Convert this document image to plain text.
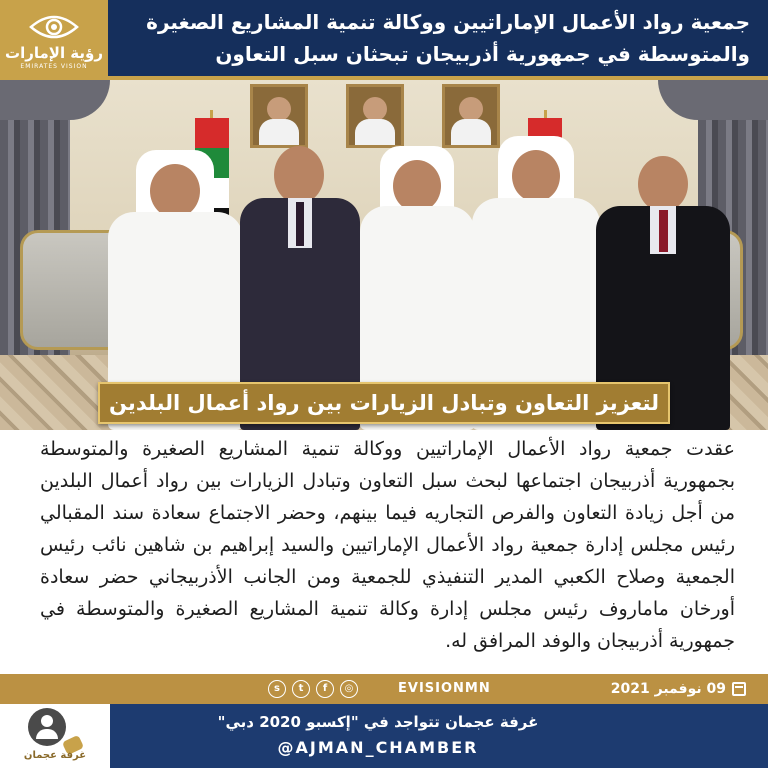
رؤية الإمارات
EMIRATES VISION
جمعية رواد الأعمال الإماراتيين ووكالة تنمية المشاريع الصغيرة والمتوسطة في جمهورية أذربيجان تبحثان سبل التعاون
لتعزيز التعاون وتبادل الزيارات بين رواد أعمال البلدين
عقدت جمعية رواد الأعمال الإماراتيين ووكالة تنمية المشاريع الصغيرة والمتوسطة بجمهورية أذربيجان اجتماعها لبحث سبل التعاون وتبادل الزيارات بين رواد أعمال البلدين من أجل زيادة التعاون والفرص التجاريه فيما بينهم، وحضر الاجتماع سعادة سند المقبالي رئيس مجلس إدارة جمعية رواد الأعمال الإماراتيين والسيد إبراهيم بن شاهين نائب رئيس الجمعية وصلاح الكعبي المدير التنفيذي للجمعية ومن الجانب الأذربيجاني حضر سعادة أورخان ماماروف رئيس مجلس إدارة وكالة تنمية المشاريع الصغيرة والمتوسطة في جمهورية أذربيجان والوفد المرافق له.
s	t	f	◎	EVISIONMN	09 نوفمبر 2021
غرفة عجمان
غرفة عجمان تتواجد في "إكسبو 2020 دبي"
@AJMAN_CHAMBER
